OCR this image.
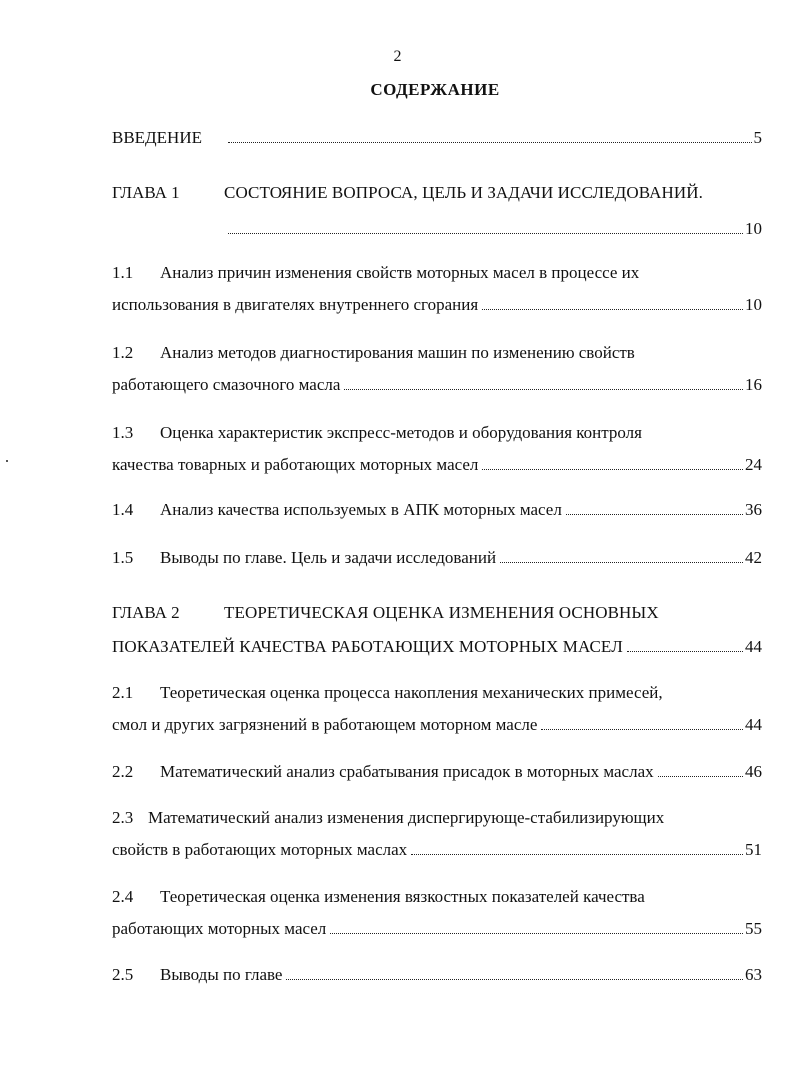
2
СОДЕРЖАНИЕ
ВВЕДЕНИЕ	5
ГЛАВА 1	СОСТОЯНИЕ ВОПРОСА, ЦЕЛЬ И ЗАДАЧИ ИССЛЕДОВАНИЙ.
10
1.1	Анализ причин изменения свойств моторных масел в процессе их
использования в двигателях внутреннего сгорания	10
1.2	Анализ методов диагностирования машин по изменению свойств
работающего смазочного масла	16
1.3	Оценка характеристик экспресс-методов и оборудования контроля
качества товарных и работающих моторных масел	24
1.4	Анализ качества используемых в АПК моторных масел	36
1.5	Выводы по главе. Цель и задачи исследований	42
ГЛАВА 2	ТЕОРЕТИЧЕСКАЯ ОЦЕНКА ИЗМЕНЕНИЯ ОСНОВНЫХ
ПОКАЗАТЕЛЕЙ КАЧЕСТВА РАБОТАЮЩИХ МОТОРНЫХ МАСЕЛ	44
2.1	Теоретическая оценка процесса накопления механических примесей,
смол и других загрязнений в работающем моторном масле	44
2.2	Математический анализ срабатывания присадок в моторных маслах	46
2.3 Математический анализ изменения диспергирующе-стабилизирующих
свойств в работающих моторных маслах	51
2.4	Теоретическая оценка изменения вязкостных показателей качества
работающих моторных масел	55
2.5	Выводы по главе	63
